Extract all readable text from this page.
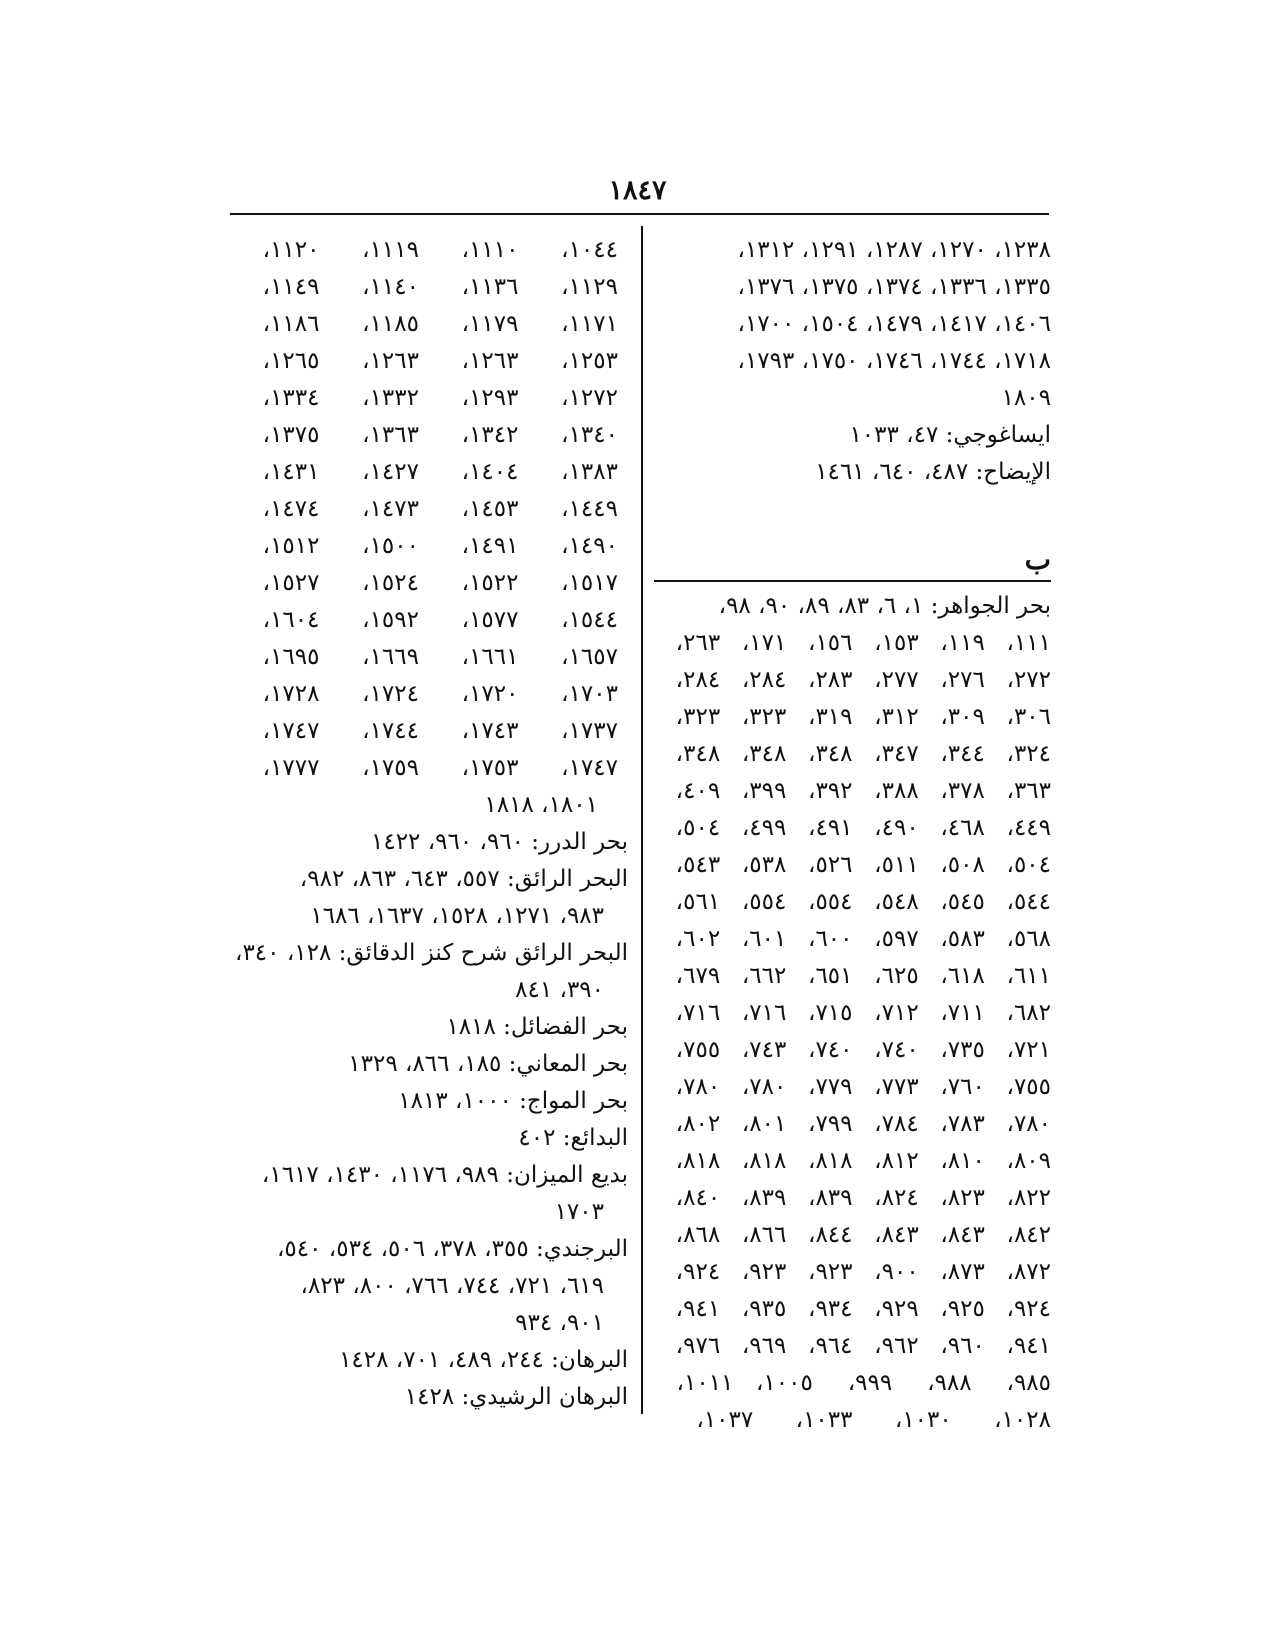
١٨٤٧
١٢٣٨، ١٢٧٠، ١٢٨٧، ١٢٩١، ١٣١٢،
١٣٣٥، ١٣٣٦، ١٣٧٤، ١٣٧٥، ١٣٧٦،
١٤٠٦، ١٤١٧، ١٤٧٩، ١٥٠٤، ١٧٠٠،
١٧١٨، ١٧٤٤، ١٧٤٦، ١٧٥٠، ١٧٩٣،
١٨٠٩
ايساغوجي: ٤٧، ١٠٣٣
الإيضاح: ٤٨٧، ٦٤٠، ١٤٦١
ب
بحر الجواهر: ١، ٦، ٨٣، ٨٩، ٩٠، ٩٨،
١١١،
١١٩،
١٥٣،
١٥٦،
١٧١،
٢٦٣،
٢٧٢،
٢٧٦،
٢٧٧،
٢٨٣،
٢٨٤،
٢٨٤،
٣٠٦،
٣٠٩،
٣١٢،
٣١٩،
٣٢٣،
٣٢٣،
٣٢٤،
٣٤٤،
٣٤٧،
٣٤٨،
٣٤٨،
٣٤٨،
٣٦٣،
٣٧٨،
٣٨٨،
٣٩٢،
٣٩٩،
٤٠٩،
٤٤٩،
٤٦٨،
٤٩٠،
٤٩١،
٤٩٩،
٥٠٤،
٥٠٤،
٥٠٨،
٥١١،
٥٢٦،
٥٣٨،
٥٤٣،
٥٤٤،
٥٤٥،
٥٤٨،
٥٥٤،
٥٥٤،
٥٦١،
٥٦٨،
٥٨٣،
٥٩٧،
٦٠٠،
٦٠١،
٦٠٢،
٦١١،
٦١٨،
٦٢٥،
٦٥١،
٦٦٢،
٦٧٩،
٦٨٢،
٧١١،
٧١٢،
٧١٥،
٧١٦،
٧١٦،
٧٢١،
٧٣٥،
٧٤٠،
٧٤٠،
٧٤٣،
٧٥٥،
٧٥٥،
٧٦٠،
٧٧٣،
٧٧٩،
٧٨٠،
٧٨٠،
٧٨٠،
٧٨٣،
٧٨٤،
٧٩٩،
٨٠١،
٨٠٢،
٨٠٩،
٨١٠،
٨١٢،
٨١٨،
٨١٨،
٨١٨،
٨٢٢،
٨٢٣،
٨٢٤،
٨٣٩،
٨٣٩،
٨٤٠،
٨٤٢،
٨٤٣،
٨٤٣،
٨٤٤،
٨٦٦،
٨٦٨،
٨٧٢،
٨٧٣،
٩٠٠،
٩٢٣،
٩٢٣،
٩٢٤،
٩٢٤،
٩٢٥،
٩٢٩،
٩٣٤،
٩٣٥،
٩٤١،
٩٤١،
٩٦٠،
٩٦٢،
٩٦٤،
٩٦٩،
٩٧٦،
٩٨٥،
٩٨٨،
٩٩٩،
١٠٠٥،
١٠١١،
١٠٢٨،
١٠٣٠،
١٠٣٣،
١٠٣٧،
١٠٤٤،
١١١٠،
١١١٩،
١١٢٠،
١١٢٩،
١١٣٦،
١١٤٠،
١١٤٩،
١١٧١،
١١٧٩،
١١٨٥،
١١٨٦،
١٢٥٣،
١٢٦٣،
١٢٦٣،
١٢٦٥،
١٢٧٢،
١٢٩٣،
١٣٣٢،
١٣٣٤،
١٣٤٠،
١٣٤٢،
١٣٦٣،
١٣٧٥،
١٣٨٣،
١٤٠٤،
١٤٢٧،
١٤٣١،
١٤٤٩،
١٤٥٣،
١٤٧٣،
١٤٧٤،
١٤٩٠،
١٤٩١،
١٥٠٠،
١٥١٢،
١٥١٧،
١٥٢٢،
١٥٢٤،
١٥٢٧،
١٥٤٤،
١٥٧٧،
١٥٩٢،
١٦٠٤،
١٦٥٧،
١٦٦١،
١٦٦٩،
١٦٩٥،
١٧٠٣،
١٧٢٠،
١٧٢٤،
١٧٢٨،
١٧٣٧،
١٧٤٣،
١٧٤٤،
١٧٤٧،
١٧٤٧،
١٧٥٣،
١٧٥٩،
١٧٧٧،
١٨٠١، ١٨١٨
بحر الدرر: ٩٦٠، ٩٦٠، ١٤٢٢
البحر الرائق: ٥٥٧، ٦٤٣، ٨٦٣، ٩٨٢،
٩٨٣، ١٢٧١، ١٥٢٨، ١٦٣٧، ١٦٨٦
البحر الرائق شرح كنز الدقائق: ١٢٨، ٣٤٠،
٣٩٠، ٨٤١
بحر الفضائل: ١٨١٨
بحر المعاني: ١٨٥، ٨٦٦، ١٣٢٩
بحر المواج: ١٠٠٠، ١٨١٣
البدائع: ٤٠٢
بديع الميزان: ٩٨٩، ١١٧٦، ١٤٣٠، ١٦١٧،
١٧٠٣
البرجندي: ٣٥٥، ٣٧٨، ٥٠٦، ٥٣٤، ٥٤٠،
٦١٩، ٧٢١، ٧٤٤، ٧٦٦، ٨٠٠، ٨٢٣،
٩٠١، ٩٣٤
البرهان: ٢٤٤، ٤٨٩، ٧٠١، ١٤٢٨
البرهان الرشيدي: ١٤٢٨
